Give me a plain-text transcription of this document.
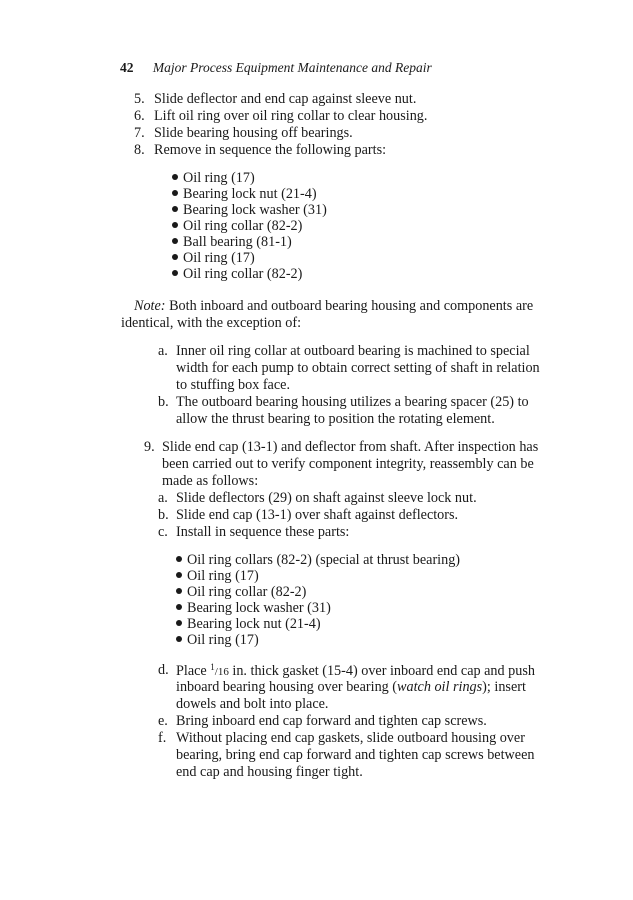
42 Major Process Equipment Maintenance and Repair
5. Slide deflector and end cap against sleeve nut.
6. Lift oil ring over oil ring collar to clear housing.
7. Slide bearing housing off bearings.
8. Remove in sequence the following parts:
Oil ring (17)
Bearing lock nut (21-4)
Bearing lock washer (31)
Oil ring collar (82-2)
Ball bearing (81-1)
Oil ring (17)
Oil ring collar (82-2)
Note: Both inboard and outboard bearing housing and components are
identical, with the exception of:
a. Inner oil ring collar at outboard bearing is machined to special
width for each pump to obtain correct setting of shaft in relation
to stuffing box face.
b. The outboard bearing housing utilizes a bearing spacer (25) to
allow the thrust bearing to position the rotating element.
9. Slide end cap (13-1) and deflector from shaft. After inspection has
been carried out to verify component integrity, reassembly can be
made as follows:
a. Slide deflectors (29) on shaft against sleeve lock nut.
b. Slide end cap (13-1) over shaft against deflectors.
c. Install in sequence these parts:
Oil ring collars (82-2) (special at thrust bearing)
Oil ring (17)
Oil ring collar (82-2)
Bearing lock washer (31)
Bearing lock nut (21-4)
Oil ring (17)
d. Place $^1$/16 in. thick gasket (15-4) over inboard end cap and push
inboard bearing housing over bearing (watch oil rings); insert
dowels and bolt into place.
e. Bring inboard end cap forward and tighten cap screws.
f. Without placing end cap gaskets, slide outboard housing over
bearing, bring end cap forward and tighten cap screws between
end cap and housing finger tight.
